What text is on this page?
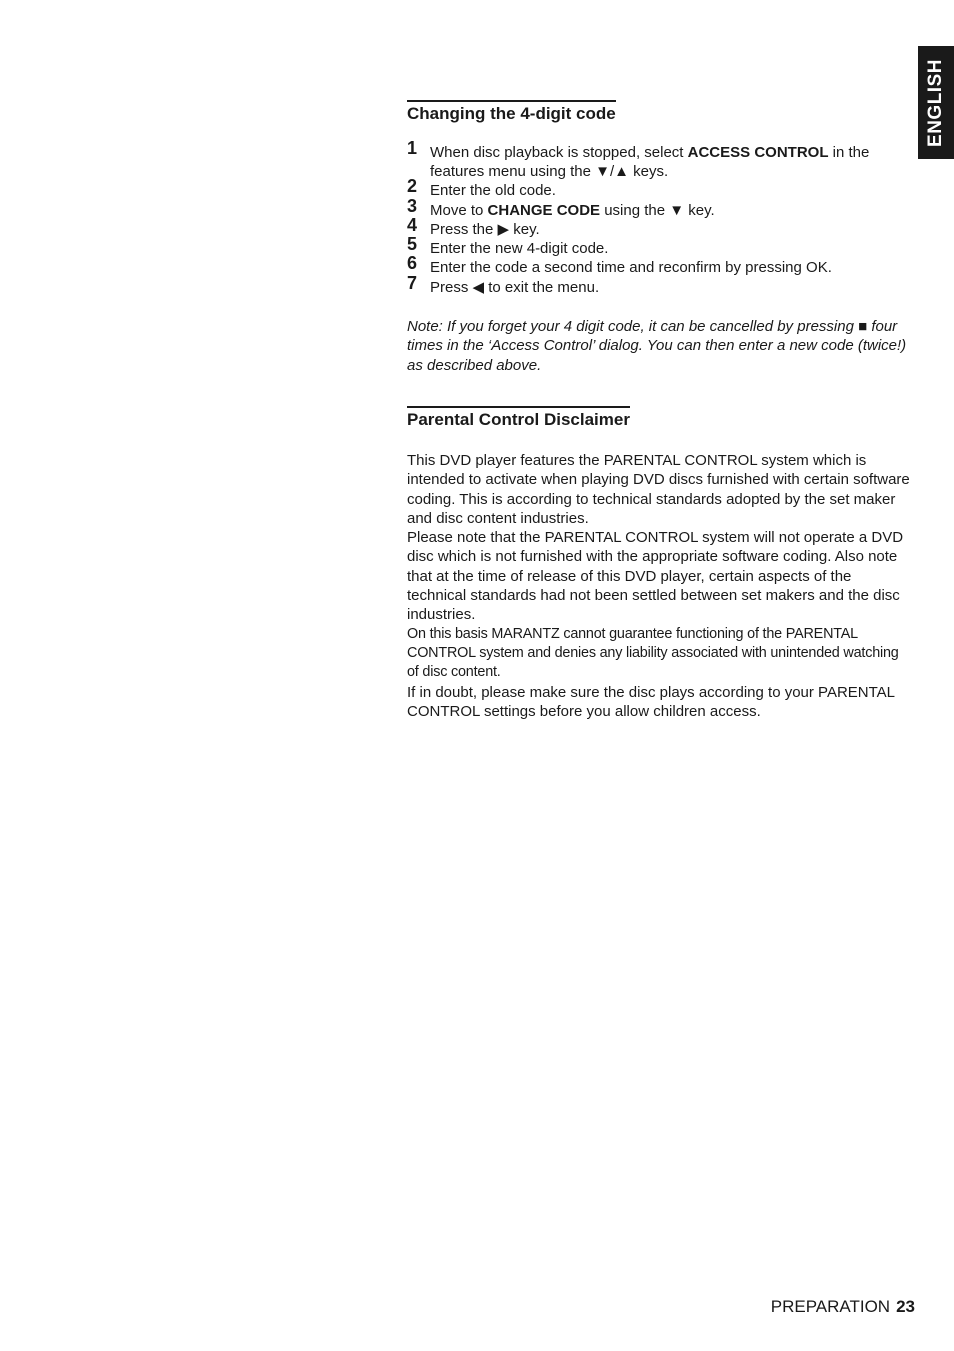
ENGLISH
Changing the 4-digit code
1 When disc playback is stopped, select ACCESS CONTROL in the features menu using the ▼/▲ keys.
2 Enter the old code.
3 Move to CHANGE CODE using the ▼ key.
4 Press the ▶ key.
5 Enter the new 4-digit code.
6 Enter the code a second time and reconfirm by pressing OK.
7 Press ◀ to exit the menu.

Note: If you forget your 4 digit code, it can be cancelled by pressing ■ four times in the ‘Access Control’ dialog. You can then enter a new code (twice!) as described above.

Parental Control Disclaimer

This DVD player features the PARENTAL CONTROL system which is intended to activate when playing DVD discs furnished with certain software coding. This is according to technical standards adopted by the set maker and disc content industries.

Please note that the PARENTAL CONTROL system will not operate a DVD disc which is not furnished with the appropriate software coding. Also note that at the time of release of this DVD player, certain aspects of the technical standards had not been settled between set makers and the disc industries.

On this basis MARANTZ cannot guarantee functioning of the PARENTAL CONTROL system and denies any liability associated with unintended watching of disc content.

If in doubt, please make sure the disc plays according to your PARENTAL CONTROL settings before you allow children access.

PREPARATION 23
